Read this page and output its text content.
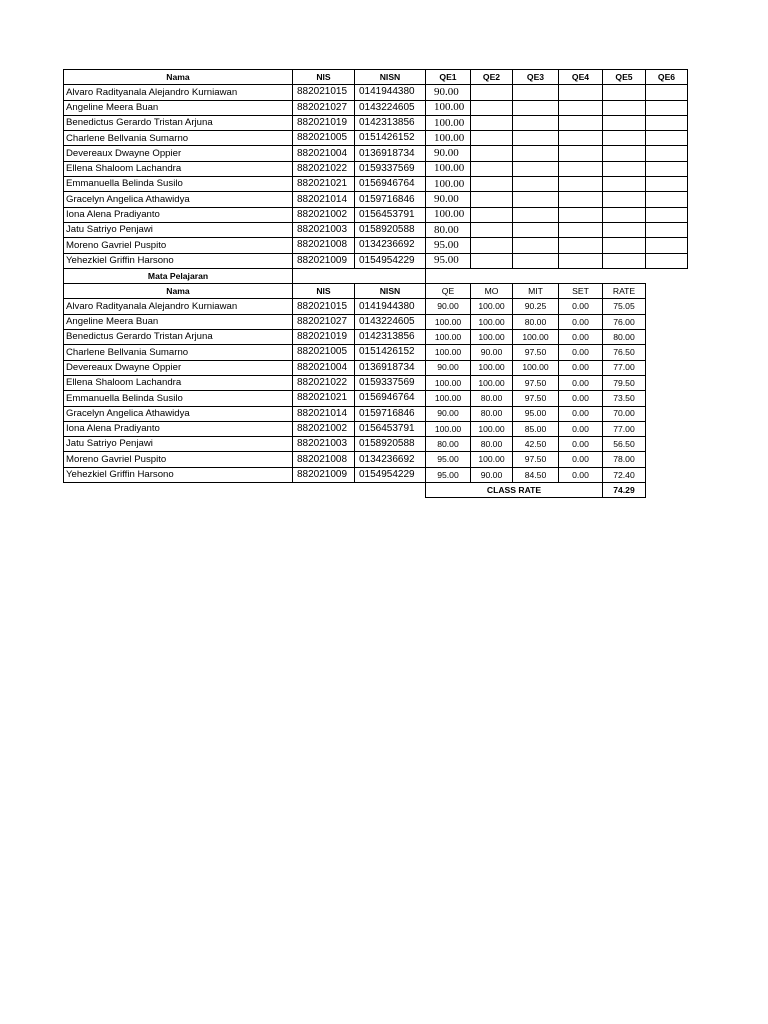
Nama	NIS	NISN	QE1	QE2	QE3	QE4	QE5	QE6
Alvaro Radityanala Alejandro Kurniawan	882021015	0141944380	90.00					
Angeline Meera Buan	882021027	0143224605	100.00					
Benedictus Gerardo Tristan Arjuna	882021019	0142313856	100.00					
Charlene Bellvania Sumarno	882021005	0151426152	100.00					
Devereaux Dwayne Oppier	882021004	0136918734	90.00					
Ellena Shaloom Lachandra	882021022	0159337569	100.00					
Emmanuella Belinda Susilo	882021021	0156946764	100.00					
Gracelyn Angelica Athawidya	882021014	0159716846	90.00					
Iona Alena Pradiyanto	882021002	0156453791	100.00					
Jatu Satriyo Penjawi	882021003	0158920588	80.00					
Moreno Gavriel Puspito	882021008	0134236692	95.00					
Yehezkiel Griffin Harsono	882021009	0154954229	95.00					
Mata Pelajaran								
Nama	NIS	NISN	QE	MO	MIT	SET	RATE	
Alvaro Radityanala Alejandro Kurniawan	882021015	0141944380	90.00	100.00	90.25	0.00	75.05	
Angeline Meera Buan	882021027	0143224605	100.00	100.00	80.00	0.00	76.00	
Benedictus Gerardo Tristan Arjuna	882021019	0142313856	100.00	100.00	100.00	0.00	80.00	
Charlene Bellvania Sumarno	882021005	0151426152	100.00	90.00	97.50	0.00	76.50	
Devereaux Dwayne Oppier	882021004	0136918734	90.00	100.00	100.00	0.00	77.00	
Ellena Shaloom Lachandra	882021022	0159337569	100.00	100.00	97.50	0.00	79.50	
Emmanuella Belinda Susilo	882021021	0156946764	100.00	80.00	97.50	0.00	73.50	
Gracelyn Angelica Athawidya	882021014	0159716846	90.00	80.00	95.00	0.00	70.00	
Iona Alena Pradiyanto	882021002	0156453791	100.00	100.00	85.00	0.00	77.00	
Jatu Satriyo Penjawi	882021003	0158920588	80.00	80.00	42.50	0.00	56.50	
Moreno Gavriel Puspito	882021008	0134236692	95.00	100.00	97.50	0.00	78.00	
Yehezkiel Griffin Harsono	882021009	0154954229	95.00	90.00	84.50	0.00	72.40	
			CLASS RATE				74.29	
